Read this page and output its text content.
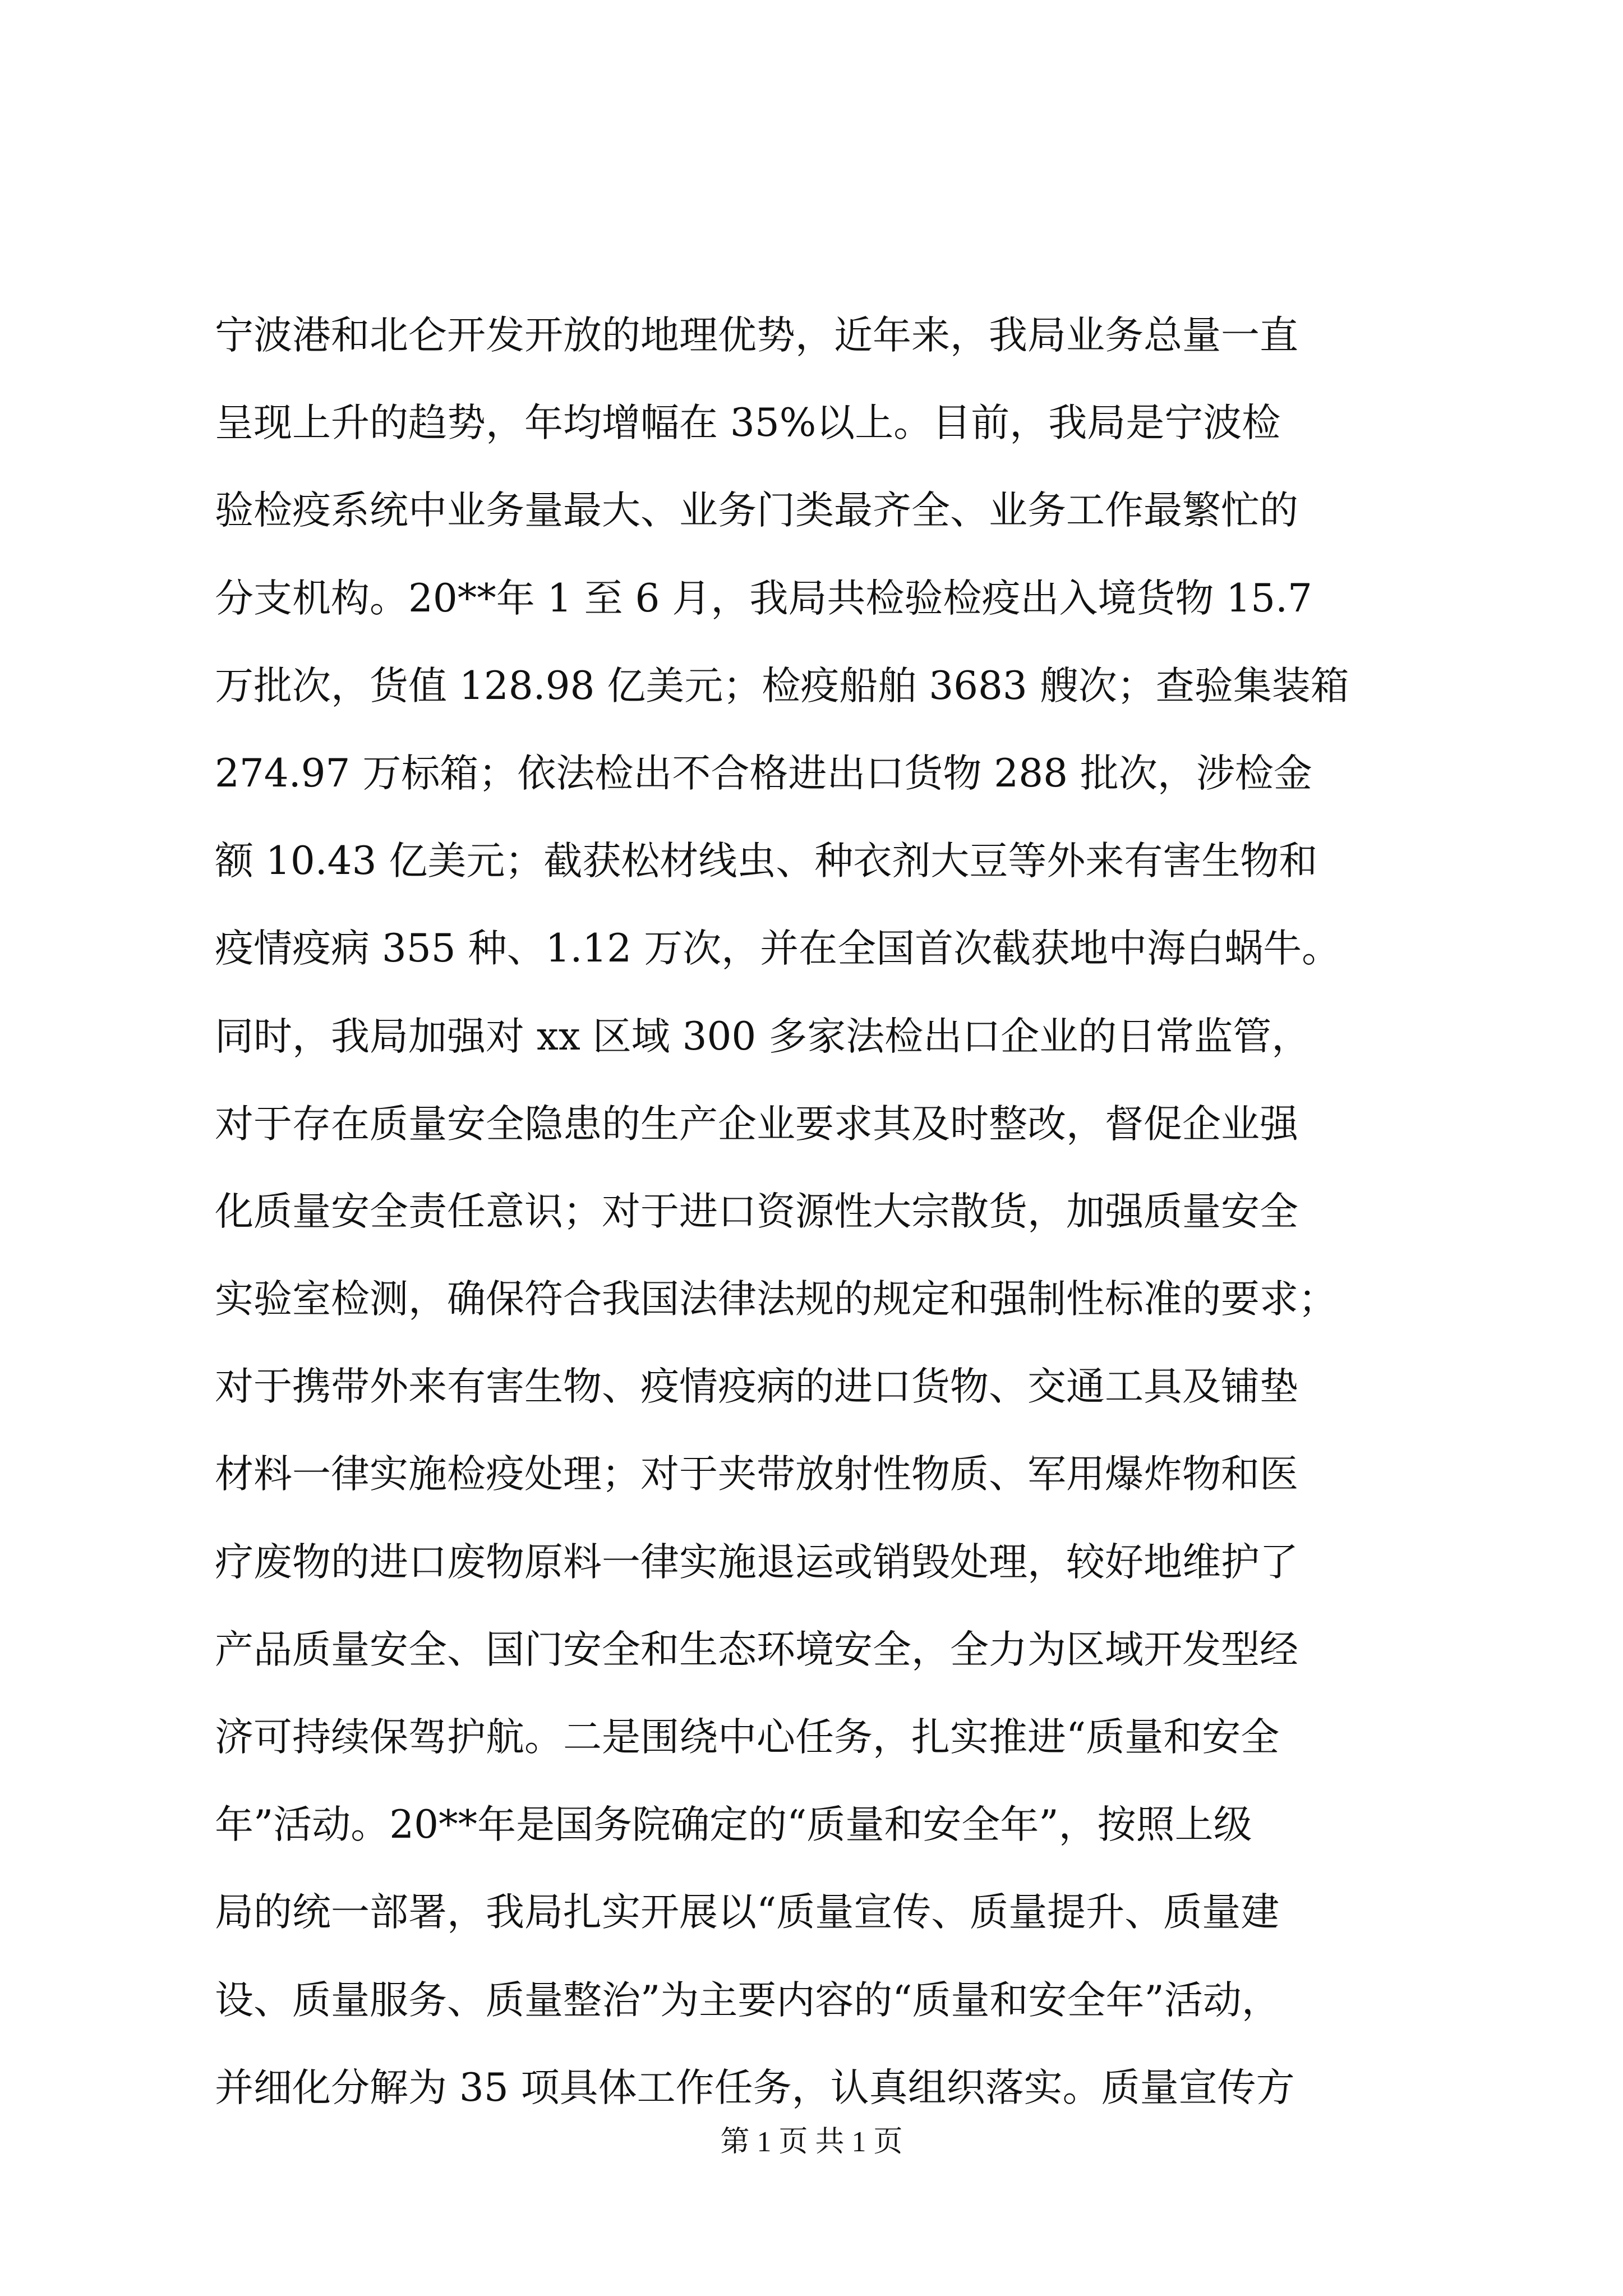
宁波港和北仑开发开放的地理优势，近年来，我局业务总量一直
呈现上升的趋势，年均增幅在 35%以上。目前，我局是宁波检
验检疫系统中业务量最大、业务门类最齐全、业务工作最繁忙的
分支机构。20**年 1 至 6 月，我局共检验检疫出入境货物 15.7
万批次，货值 128.98 亿美元；检疫船舶 3683 艘次；查验集装箱
274.97 万标箱；依法检出不合格进出口货物 288 批次，涉检金
额 10.43 亿美元；截获松材线虫、种衣剂大豆等外来有害生物和
疫情疫病 355 种、1.12 万次，并在全国首次截获地中海白蜗牛。
同时，我局加强对 xx 区域 300 多家法检出口企业的日常监管，
对于存在质量安全隐患的生产企业要求其及时整改，督促企业强
化质量安全责任意识；对于进口资源性大宗散货，加强质量安全
实验室检测，确保符合我国法律法规的规定和强制性标准的要求；
对于携带外来有害生物、疫情疫病的进口货物、交通工具及铺垫
材料一律实施检疫处理；对于夹带放射性物质、军用爆炸物和医
疗废物的进口废物原料一律实施退运或销毁处理，较好地维护了
产品质量安全、国门安全和生态环境安全，全力为区域开发型经
济可持续保驾护航。二是围绕中心任务，扎实推进“质量和安全
年”活动。20**年是国务院确定的“质量和安全年”，按照上级
局的统一部署，我局扎实开展以“质量宣传、质量提升、质量建
设、质量服务、质量整治”为主要内容的“质量和安全年”活动，
并细化分解为 35 项具体工作任务，认真组织落实。质量宣传方
第 1 页 共 1 页
